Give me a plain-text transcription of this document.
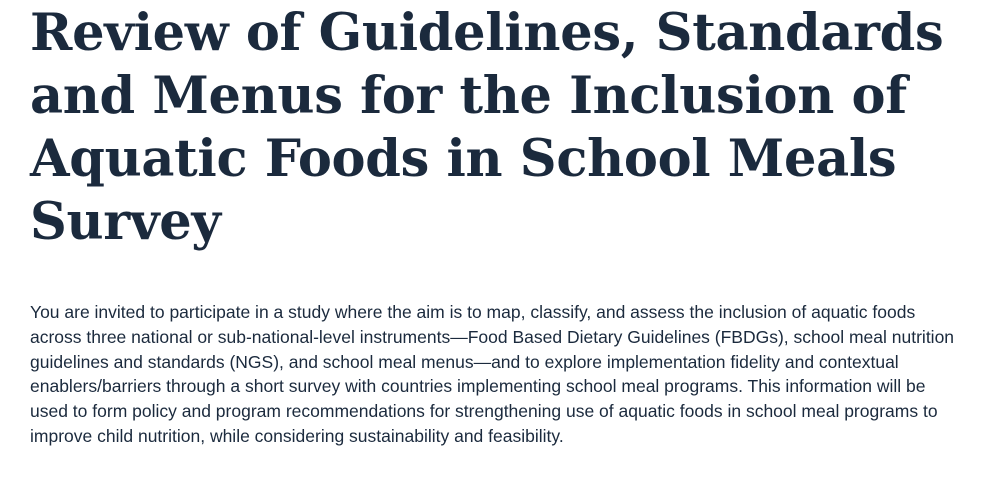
Review of Guidelines, Standards and Menus for the Inclusion of Aquatic Foods in School Meals Survey

You are invited to participate in a study where the aim is to map, classify, and assess the inclusion of aquatic foods across three national or sub-national-level instruments—Food Based Dietary Guidelines (FBDGs), school meal nutrition guidelines and standards (NGS), and school meal menus—and to explore implementation fidelity and contextual enablers/barriers through a short survey with countries implementing school meal programs. This information will be used to form policy and program recommendations for strengthening use of aquatic foods in school meal programs to improve child nutrition, while considering sustainability and feasibility.
